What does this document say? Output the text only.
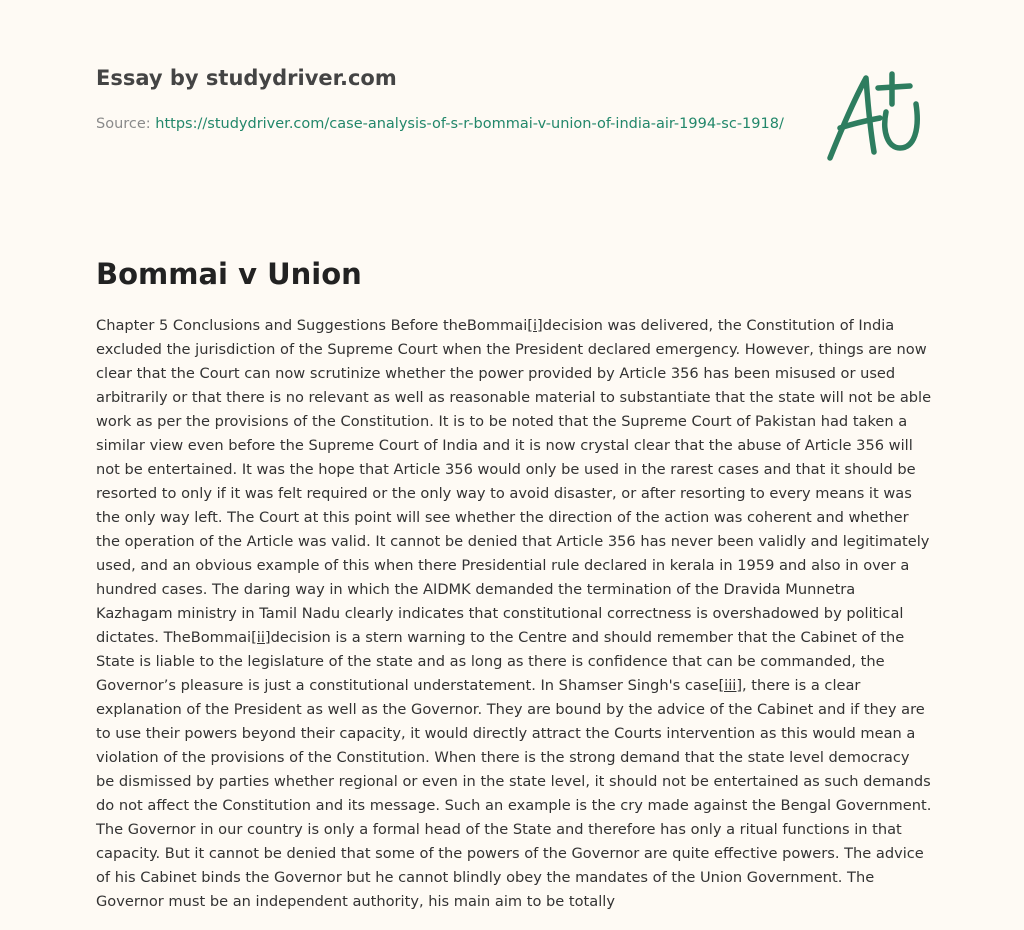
Essay by studydriver.com
Source: https://studydriver.com/case-analysis-of-s-r-bommai-v-union-of-india-air-1994-sc-1918/
Bommai v Union

Chapter 5 Conclusions and Suggestions Before theBommai[i]decision was delivered, the Constitution of India excluded the jurisdiction of the Supreme Court when the President declared emergency. However, things are now clear that the Court can now scrutinize whether the power provided by Article 356 has been misused or used arbitrarily or that there is no relevant as well as reasonable material to substantiate that the state will not be able work as per the provisions of the Constitution. It is to be noted that the Supreme Court of Pakistan had taken a similar view even before the Supreme Court of India and it is now crystal clear that the abuse of Article 356 will not be entertained. It was the hope that Article 356 would only be used in the rarest cases and that it should be resorted to only if it was felt required or the only way to avoid disaster, or after resorting to every means it was the only way left. The Court at this point will see whether the direction of the action was coherent and whether the operation of the Article was valid. It cannot be denied that Article 356 has never been validly and legitimately used, and an obvious example of this when there Presidential rule declared in kerala in 1959 and also in over a hundred cases. The daring way in which the AIDMK demanded the termination of the Dravida Munnetra Kazhagam ministry in Tamil Nadu clearly indicates that constitutional correctness is overshadowed by political dictates. TheBommai[ii]decision is a stern warning to the Centre and should remember that the Cabinet of the State is liable to the legislature of the state and as long as there is confidence that can be commanded, the Governor’s pleasure is just a constitutional understatement. In Shamser Singh's case[iii], there is a clear explanation of the President as well as the Governor. They are bound by the advice of the Cabinet and if they are to use their powers beyond their capacity, it would directly attract the Courts intervention as this would mean a violation of the provisions of the Constitution. When there is the strong demand that the state level democracy be dismissed by parties whether regional or even in the state level, it should not be entertained as such demands do not affect the Constitution and its message. Such an example is the cry made against the Bengal Government. The Governor in our country is only a formal head of the State and therefore has only a ritual functions in that capacity. But it cannot be denied that some of the powers of the Governor are quite effective powers. The advice of his Cabinet binds the Governor but he cannot blindly obey the mandates of the Union Government. The Governor must be an independent authority, his main aim to be totally
